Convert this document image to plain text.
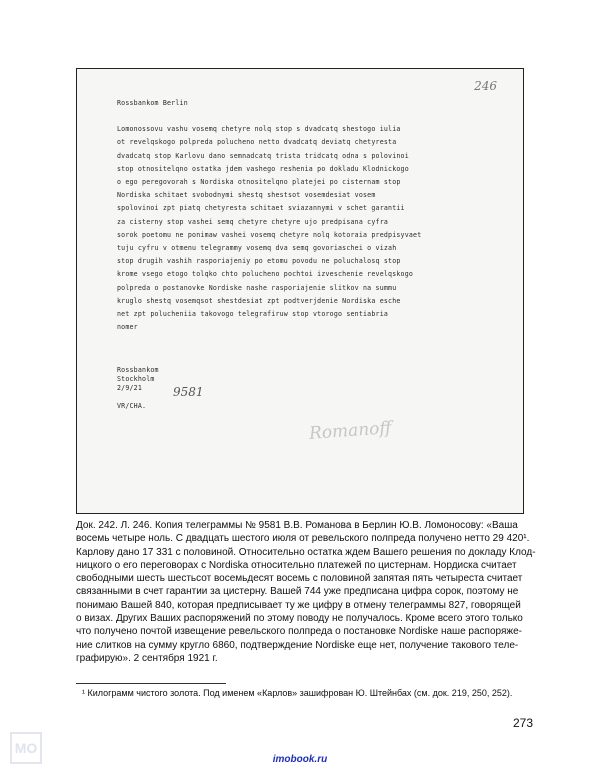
246
Rossbankom Berlin
Lomonossovu vashu vosemq chetyre nolq stop s dvadcatq shestogo iulia
ot revelqskogo polpreda polucheno netto dvadcatq deviatq chetyresta
dvadcatq stop Karlovu dano semnadcatq trista tridcatq odna s polovinoi
stop otnositelqno ostatka jdem vashego reshenia po dokladu Klodnickogo
o ego peregovorah s Nordiska otnositelqno platejei po cisternam stop
Nordiska schitaet svobodnymi shestq shestsot vosemdesiat vosem
spolovinoi zpt piatq chetyresta schitaet sviazannymi v schet garantii
za cisterny stop vashei semq chetyre chetyre ujo predpisana cyfra
sorok poetomu ne ponimaw vashei vosemq chetyre nolq kotoraia predpisyvaet
tuju cyfru v otmenu telegrammy vosemq dva semq govoriaschei o vizah
stop drugih vashih rasporiajeniy po etomu povodu ne poluchalosq stop
krome vsego etogo tolqko chto polucheno pochtoi izveschenie revelqskogo
polpreda o postanovke Nordiske nashe rasporiajenie slitkov na summu
kruglo shestq vosemqsot shestdesiat zpt podtverjdenie Nordiska esche
net zpt polucheniia takovogo telegrafiruw stop vtorogo sentiabria
nomer
Rossbankom
Stockholm
2/9/21

VR/CHA.
9581
Romanoff
Док. 242. Л. 246. Копия телеграммы № 9581 В.В. Романова в Берлин Ю.В. Ломоносову: «Ваша
восемь четыре ноль. С двадцать шестого июля от ревельского полпреда получено нетто 29 420¹.
Карлову дано 17 331 с половиной. Относительно остатка ждем Вашего решения по докладу Клод-
ницкого о его переговорах с Nordiska относительно платежей по цистернам. Нордиска считает
свободными шесть шестьсот восемьдесят восемь с половиной запятая пять четыреста считает
связанными в счет гарантии за цистерну. Вашей 744 уже предписана цифра сорок, поэтому не
понимаю Вашей 840, которая предписывает ту же цифру в отмену телеграммы 827, говорящей
о визах. Других Ваших распоряжений по этому поводу не получалось. Кроме всего этого только
что получено почтой извещение ревельского полпреда о постановке Nordiske наше распоряже-
ние слитков на сумму кругло 6860, подтверждение Nordiske еще нет, получение такового теле-
графирую». 2 сентября 1921 г.
¹ Килограмм чистого золота. Под именем «Карлов» зашифрован Ю. Штейнбах (см. док. 219, 250, 252).
273
МО
imobook.ru
